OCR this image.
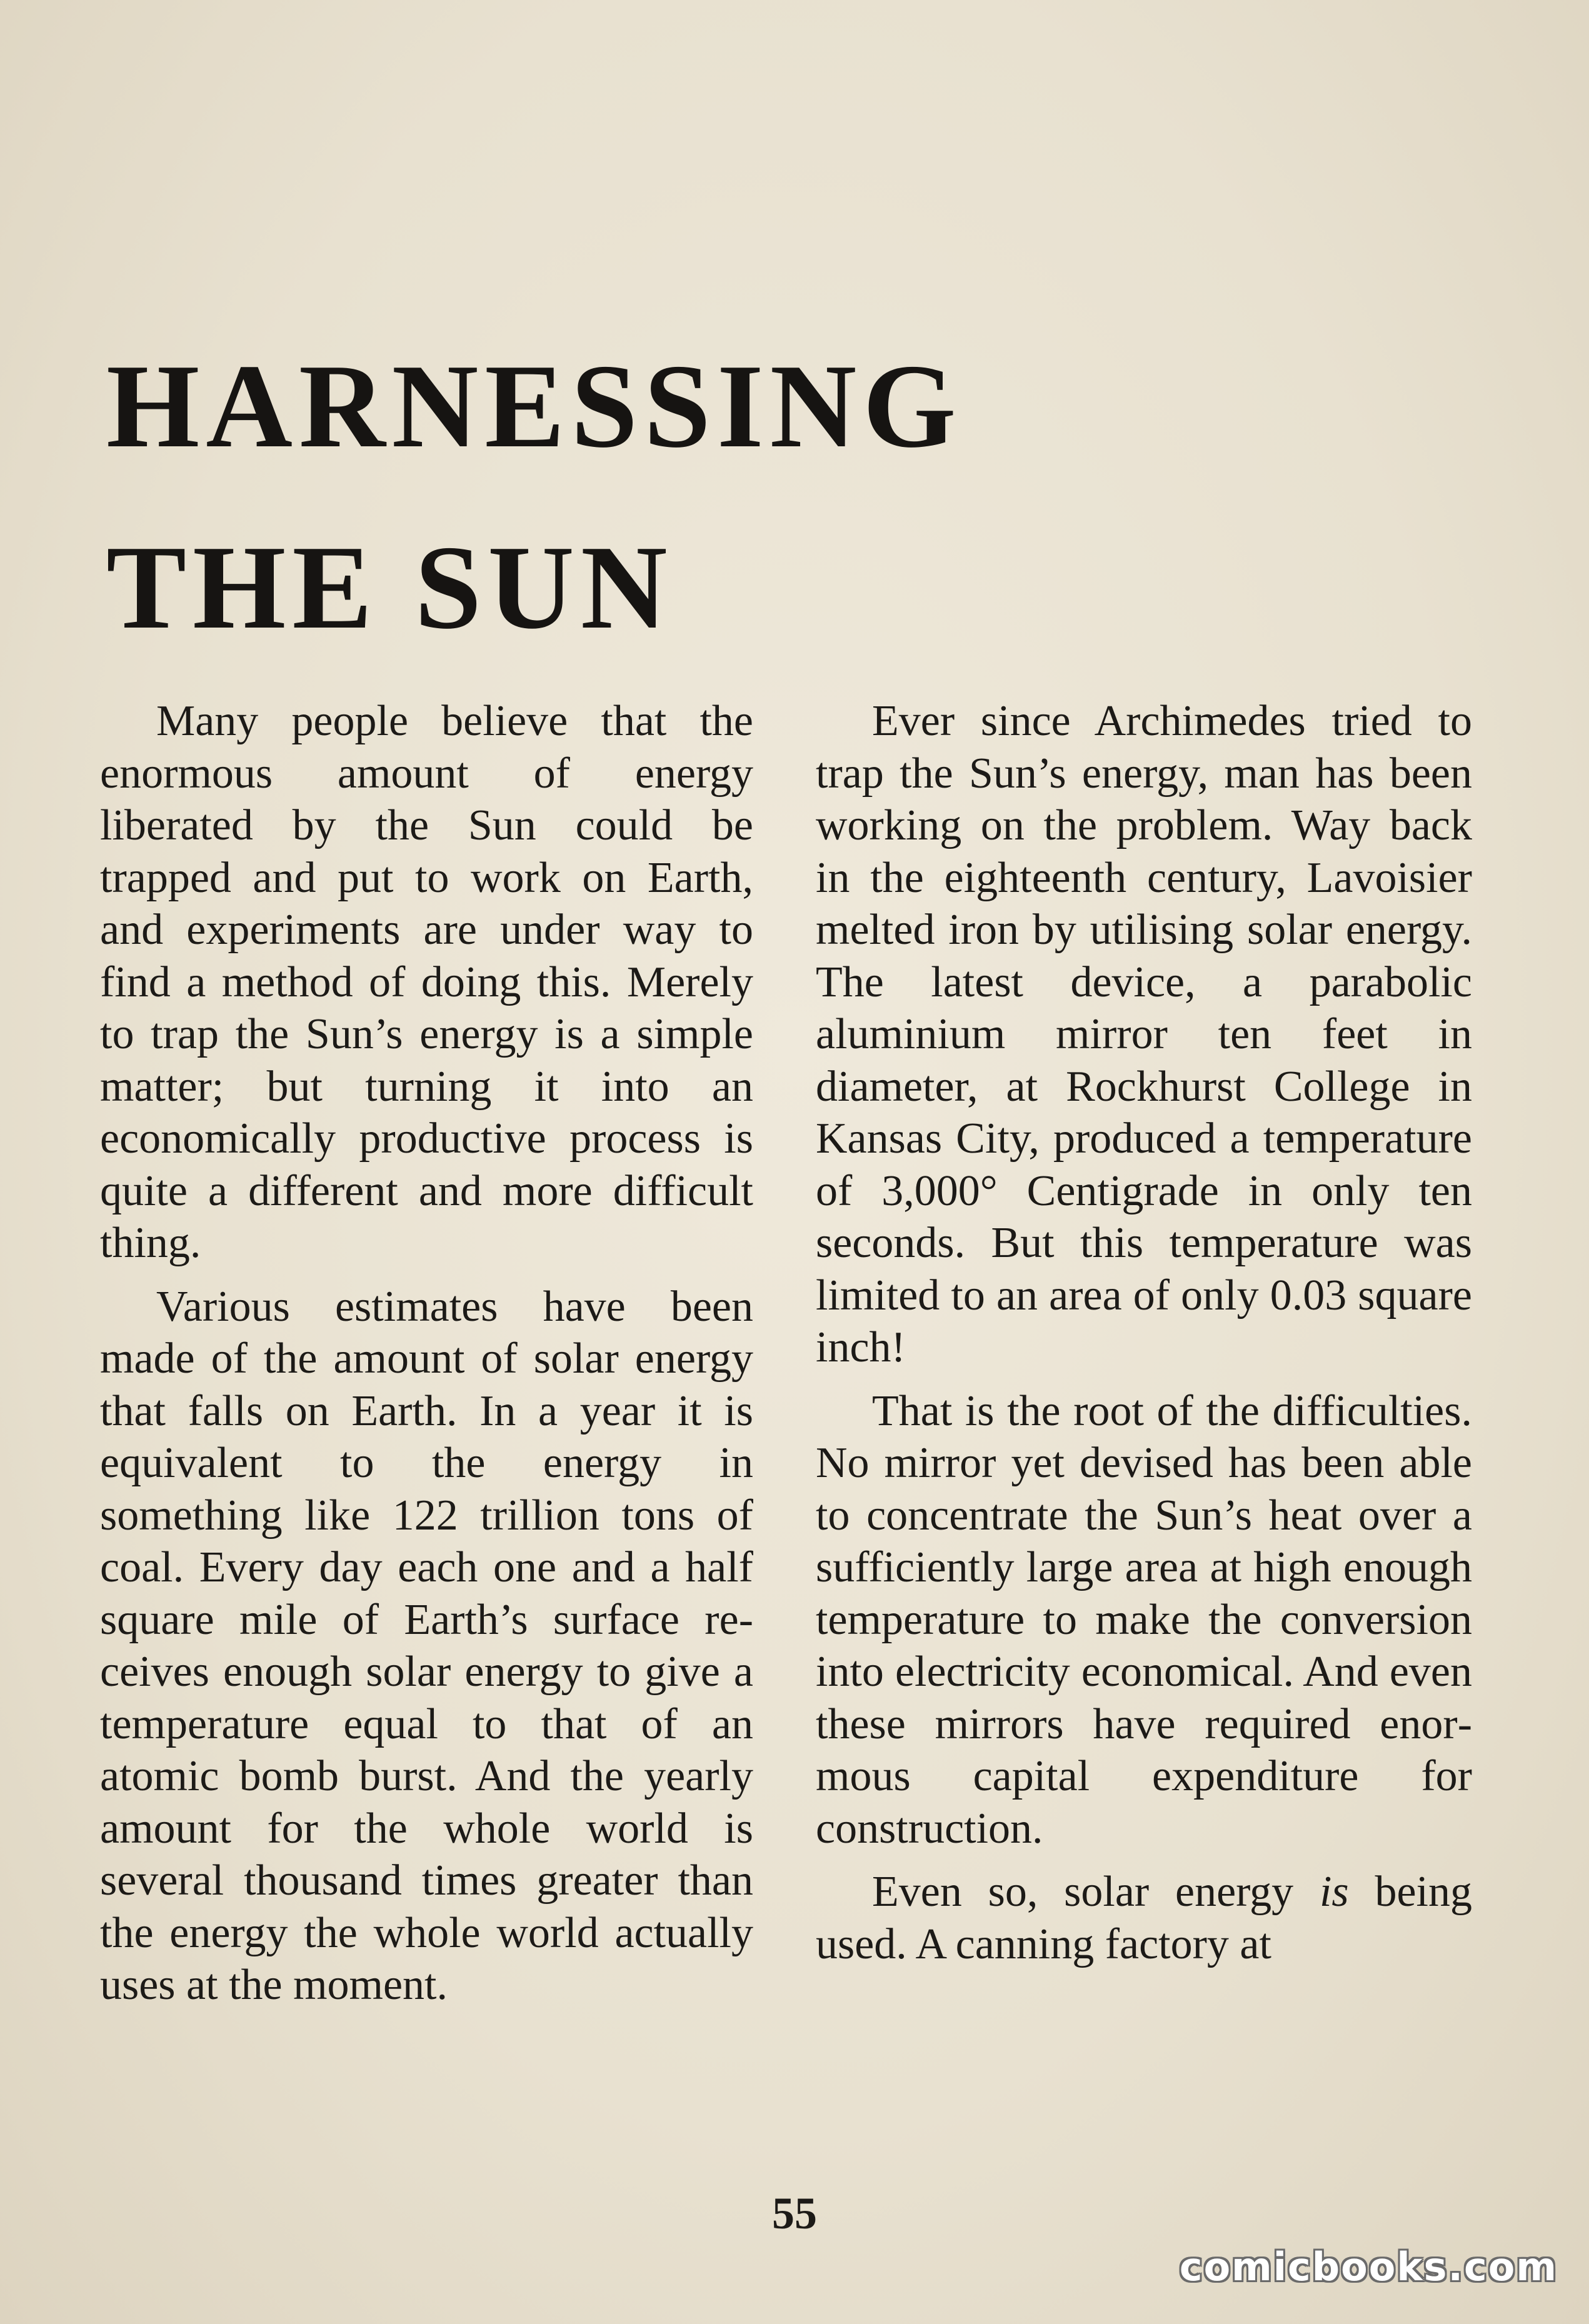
HARNESSING
THE SUN

Many people believe that the enormous amount of energy liberated by the Sun could be trapped and put to work on Earth, and experiments are under way to find a method of doing this. Merely to trap the Sun’s energy is a simple matter; but turning it into an economically productive process is quite a different and more difficult thing.

Various estimates have been made of the amount of solar energy that falls on Earth. In a year it is equivalent to the energy in something like 122 trillion tons of coal. Every day each one and a half square mile of Earth’s surface receives enough solar energy to give a temperature equal to that of an atomic bomb burst. And the yearly amount for the whole world is several thousand times greater than the energy the whole world actually uses at the moment.

Ever since Archimedes tried to trap the Sun’s energy, man has been working on the problem. Way back in the eighteenth century, Lavoisier melted iron by utilising solar energy. The latest device, a parabolic aluminium mirror ten feet in diameter, at Rockhurst College in Kansas City, produced a temperature of 3,000° Centigrade in only ten seconds. But this temperature was limited to an area of only 0.03 square inch!

That is the root of the difficulties. No mirror yet devised has been able to concentrate the Sun’s heat over a sufficiently large area at high enough temperature to make the conversion into electricity economical. And even these mirrors have required enormous capital expenditure for construction.

Even so, solar energy is being used. A canning factory at

55
comicbooks.com
